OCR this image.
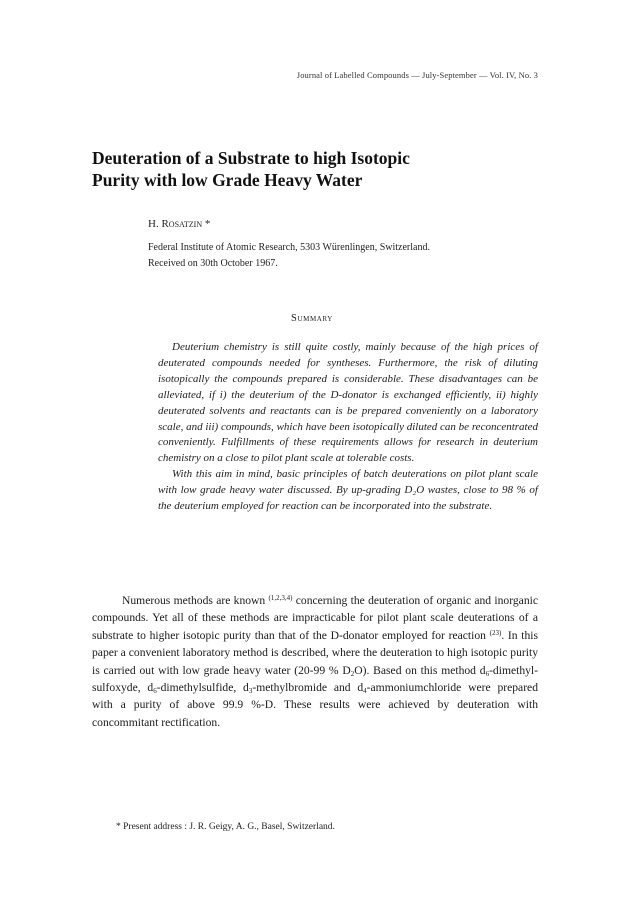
Journal of Labelled Compounds — July-September — Vol. IV, No. 3
Deuteration of a Substrate to high Isotopic
Purity with low Grade Heavy Water
H. Rosatzin *
Federal Institute of Atomic Research, 5303 Würenlingen, Switzerland.
Received on 30th October 1967.
Summary

Deuterium chemistry is still quite costly, mainly because of the high prices of deuterated compounds needed for syntheses. Furthermore, the risk of diluting isotopically the compounds prepared is considerable. These disadvantages can be alleviated, if i) the deuterium of the D-donator is exchanged efficiently, ii) highly deuterated solvents and reactants can is be prepared conveniently on a laboratory scale, and iii) compounds, which have been isotopically diluted can be reconcentrated conveniently. Fulfillments of these requirements allows for research in deuterium chemistry on a close to pilot plant scale at tolerable costs.

With this aim in mind, basic principles of batch deuterations on pilot plant scale with low grade heavy water discussed. By up-grading D₂O wastes, close to 98 % of the deuterium employed for reaction can be incorporated into the substrate.

Numerous methods are known $^{(1,2,3,4)}$ concerning the deuteration of organic and inorganic compounds. Yet all of these methods are impracticable for pilot plant scale deuterations of a substrate to higher isotopic purity than that of the D-donator employed for reaction $^{(23)}$. In this paper a convenient laboratory method is described, where the deuteration to high isotopic purity is carried out with low grade heavy water (20-99 % $D_2O$). Based on this method $d_6-dimethyl$-sulfoxyde, $d_6$-dimethylsulfide, $d_3$-methylbromide and $d_4$-ammoniumchloride were prepared with a purity of above 99.9 %-D. These results were achieved by deuteration with concommitant rectification.

* Present address : J. R. Geigy, A. G., Basel, Switzerland.
